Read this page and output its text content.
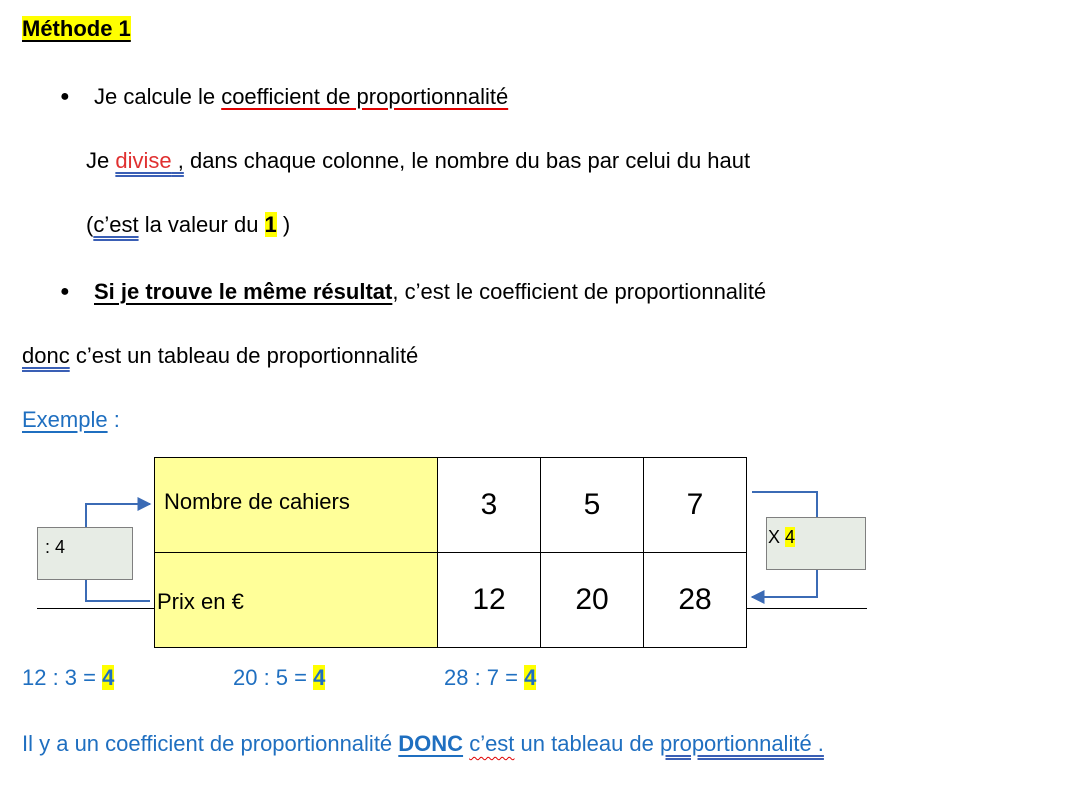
Méthode 1
● Je calcule le coefficient de proportionnalité
Je divise , dans chaque colonne, le nombre du bas par celui du haut
(c’est la valeur du 1 )
● Si je trouve le même résultat, c’est le coefficient de proportionnalité
donc c’est un tableau de proportionnalité
Exemple :
: 4	X 4
Nombre de cahiers	3	5	7
Prix en €	12	20	28
12 : 3 = 4	20 : 5 = 4	28 : 7 = 4
Il y a un coefficient de proportionnalité DONC c’est un tableau de proportionnalité .
